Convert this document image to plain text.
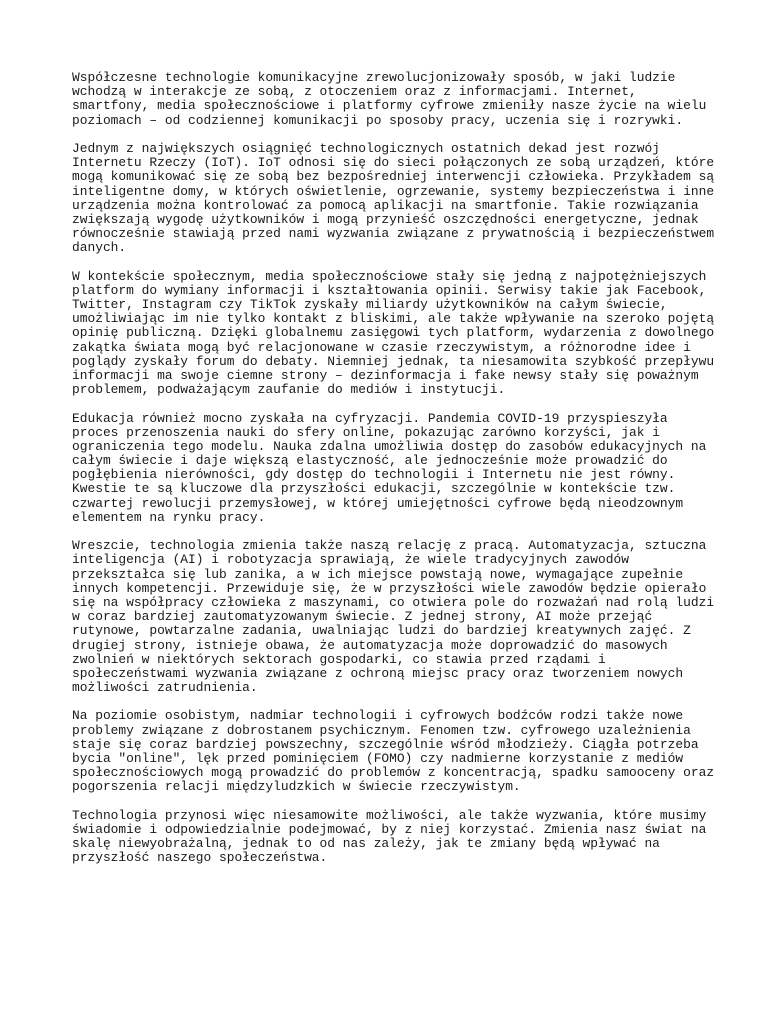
Współczesne technologie komunikacyjne zrewolucjonizowały sposób, w jaki ludzie
wchodzą w interakcje ze sobą, z otoczeniem oraz z informacjami. Internet,
smartfony, media społecznościowe i platformy cyfrowe zmieniły nasze życie na wielu
poziomach – od codziennej komunikacji po sposoby pracy, uczenia się i rozrywki.
Jednym z największych osiągnięć technologicznych ostatnich dekad jest rozwój
Internetu Rzeczy (IoT). IoT odnosi się do sieci połączonych ze sobą urządzeń, które
mogą komunikować się ze sobą bez bezpośredniej interwencji człowieka. Przykładem są
inteligentne domy, w których oświetlenie, ogrzewanie, systemy bezpieczeństwa i inne
urządzenia można kontrolować za pomocą aplikacji na smartfonie. Takie rozwiązania
zwiększają wygodę użytkowników i mogą przynieść oszczędności energetyczne, jednak
równocześnie stawiają przed nami wyzwania związane z prywatnością i bezpieczeństwem
danych.
W kontekście społecznym, media społecznościowe stały się jedną z najpotężniejszych
platform do wymiany informacji i kształtowania opinii. Serwisy takie jak Facebook,
Twitter, Instagram czy TikTok zyskały miliardy użytkowników na całym świecie,
umożliwiając im nie tylko kontakt z bliskimi, ale także wpływanie na szeroko pojętą
opinię publiczną. Dzięki globalnemu zasięgowi tych platform, wydarzenia z dowolnego
zakątka świata mogą być relacjonowane w czasie rzeczywistym, a różnorodne idee i
poglądy zyskały forum do debaty. Niemniej jednak, ta niesamowita szybkość przepływu
informacji ma swoje ciemne strony – dezinformacja i fake newsy stały się poważnym
problemem, podważającym zaufanie do mediów i instytucji.
Edukacja również mocno zyskała na cyfryzacji. Pandemia COVID-19 przyspieszyła
proces przenoszenia nauki do sfery online, pokazując zarówno korzyści, jak i
ograniczenia tego modelu. Nauka zdalna umożliwia dostęp do zasobów edukacyjnych na
całym świecie i daje większą elastyczność, ale jednocześnie może prowadzić do
pogłębienia nierówności, gdy dostęp do technologii i Internetu nie jest równy.
Kwestie te są kluczowe dla przyszłości edukacji, szczególnie w kontekście tzw.
czwartej rewolucji przemysłowej, w której umiejętności cyfrowe będą nieodzownym
elementem na rynku pracy.
Wreszcie, technologia zmienia także naszą relację z pracą. Automatyzacja, sztuczna
inteligencja (AI) i robotyzacja sprawiają, że wiele tradycyjnych zawodów
przekształca się lub zanika, a w ich miejsce powstają nowe, wymagające zupełnie
innych kompetencji. Przewiduje się, że w przyszłości wiele zawodów będzie opierało
się na współpracy człowieka z maszynami, co otwiera pole do rozważań nad rolą ludzi
w coraz bardziej zautomatyzowanym świecie. Z jednej strony, AI może przejąć
rutynowe, powtarzalne zadania, uwalniając ludzi do bardziej kreatywnych zajęć. Z
drugiej strony, istnieje obawa, że automatyzacja może doprowadzić do masowych
zwolnień w niektórych sektorach gospodarki, co stawia przed rządami i
społeczeństwami wyzwania związane z ochroną miejsc pracy oraz tworzeniem nowych
możliwości zatrudnienia.
Na poziomie osobistym, nadmiar technologii i cyfrowych bodźców rodzi także nowe
problemy związane z dobrostanem psychicznym. Fenomen tzw. cyfrowego uzależnienia
staje się coraz bardziej powszechny, szczególnie wśród młodzieży. Ciągła potrzeba
bycia "online", lęk przed pominięciem (FOMO) czy nadmierne korzystanie z mediów
społecznościowych mogą prowadzić do problemów z koncentracją, spadku samooceny oraz
pogorszenia relacji międzyludzkich w świecie rzeczywistym.
Technologia przynosi więc niesamowite możliwości, ale także wyzwania, które musimy
świadomie i odpowiedzialnie podejmować, by z niej korzystać. Zmienia nasz świat na
skalę niewyobrażalną, jednak to od nas zależy, jak te zmiany będą wpływać na
przyszłość naszego społeczeństwa.
